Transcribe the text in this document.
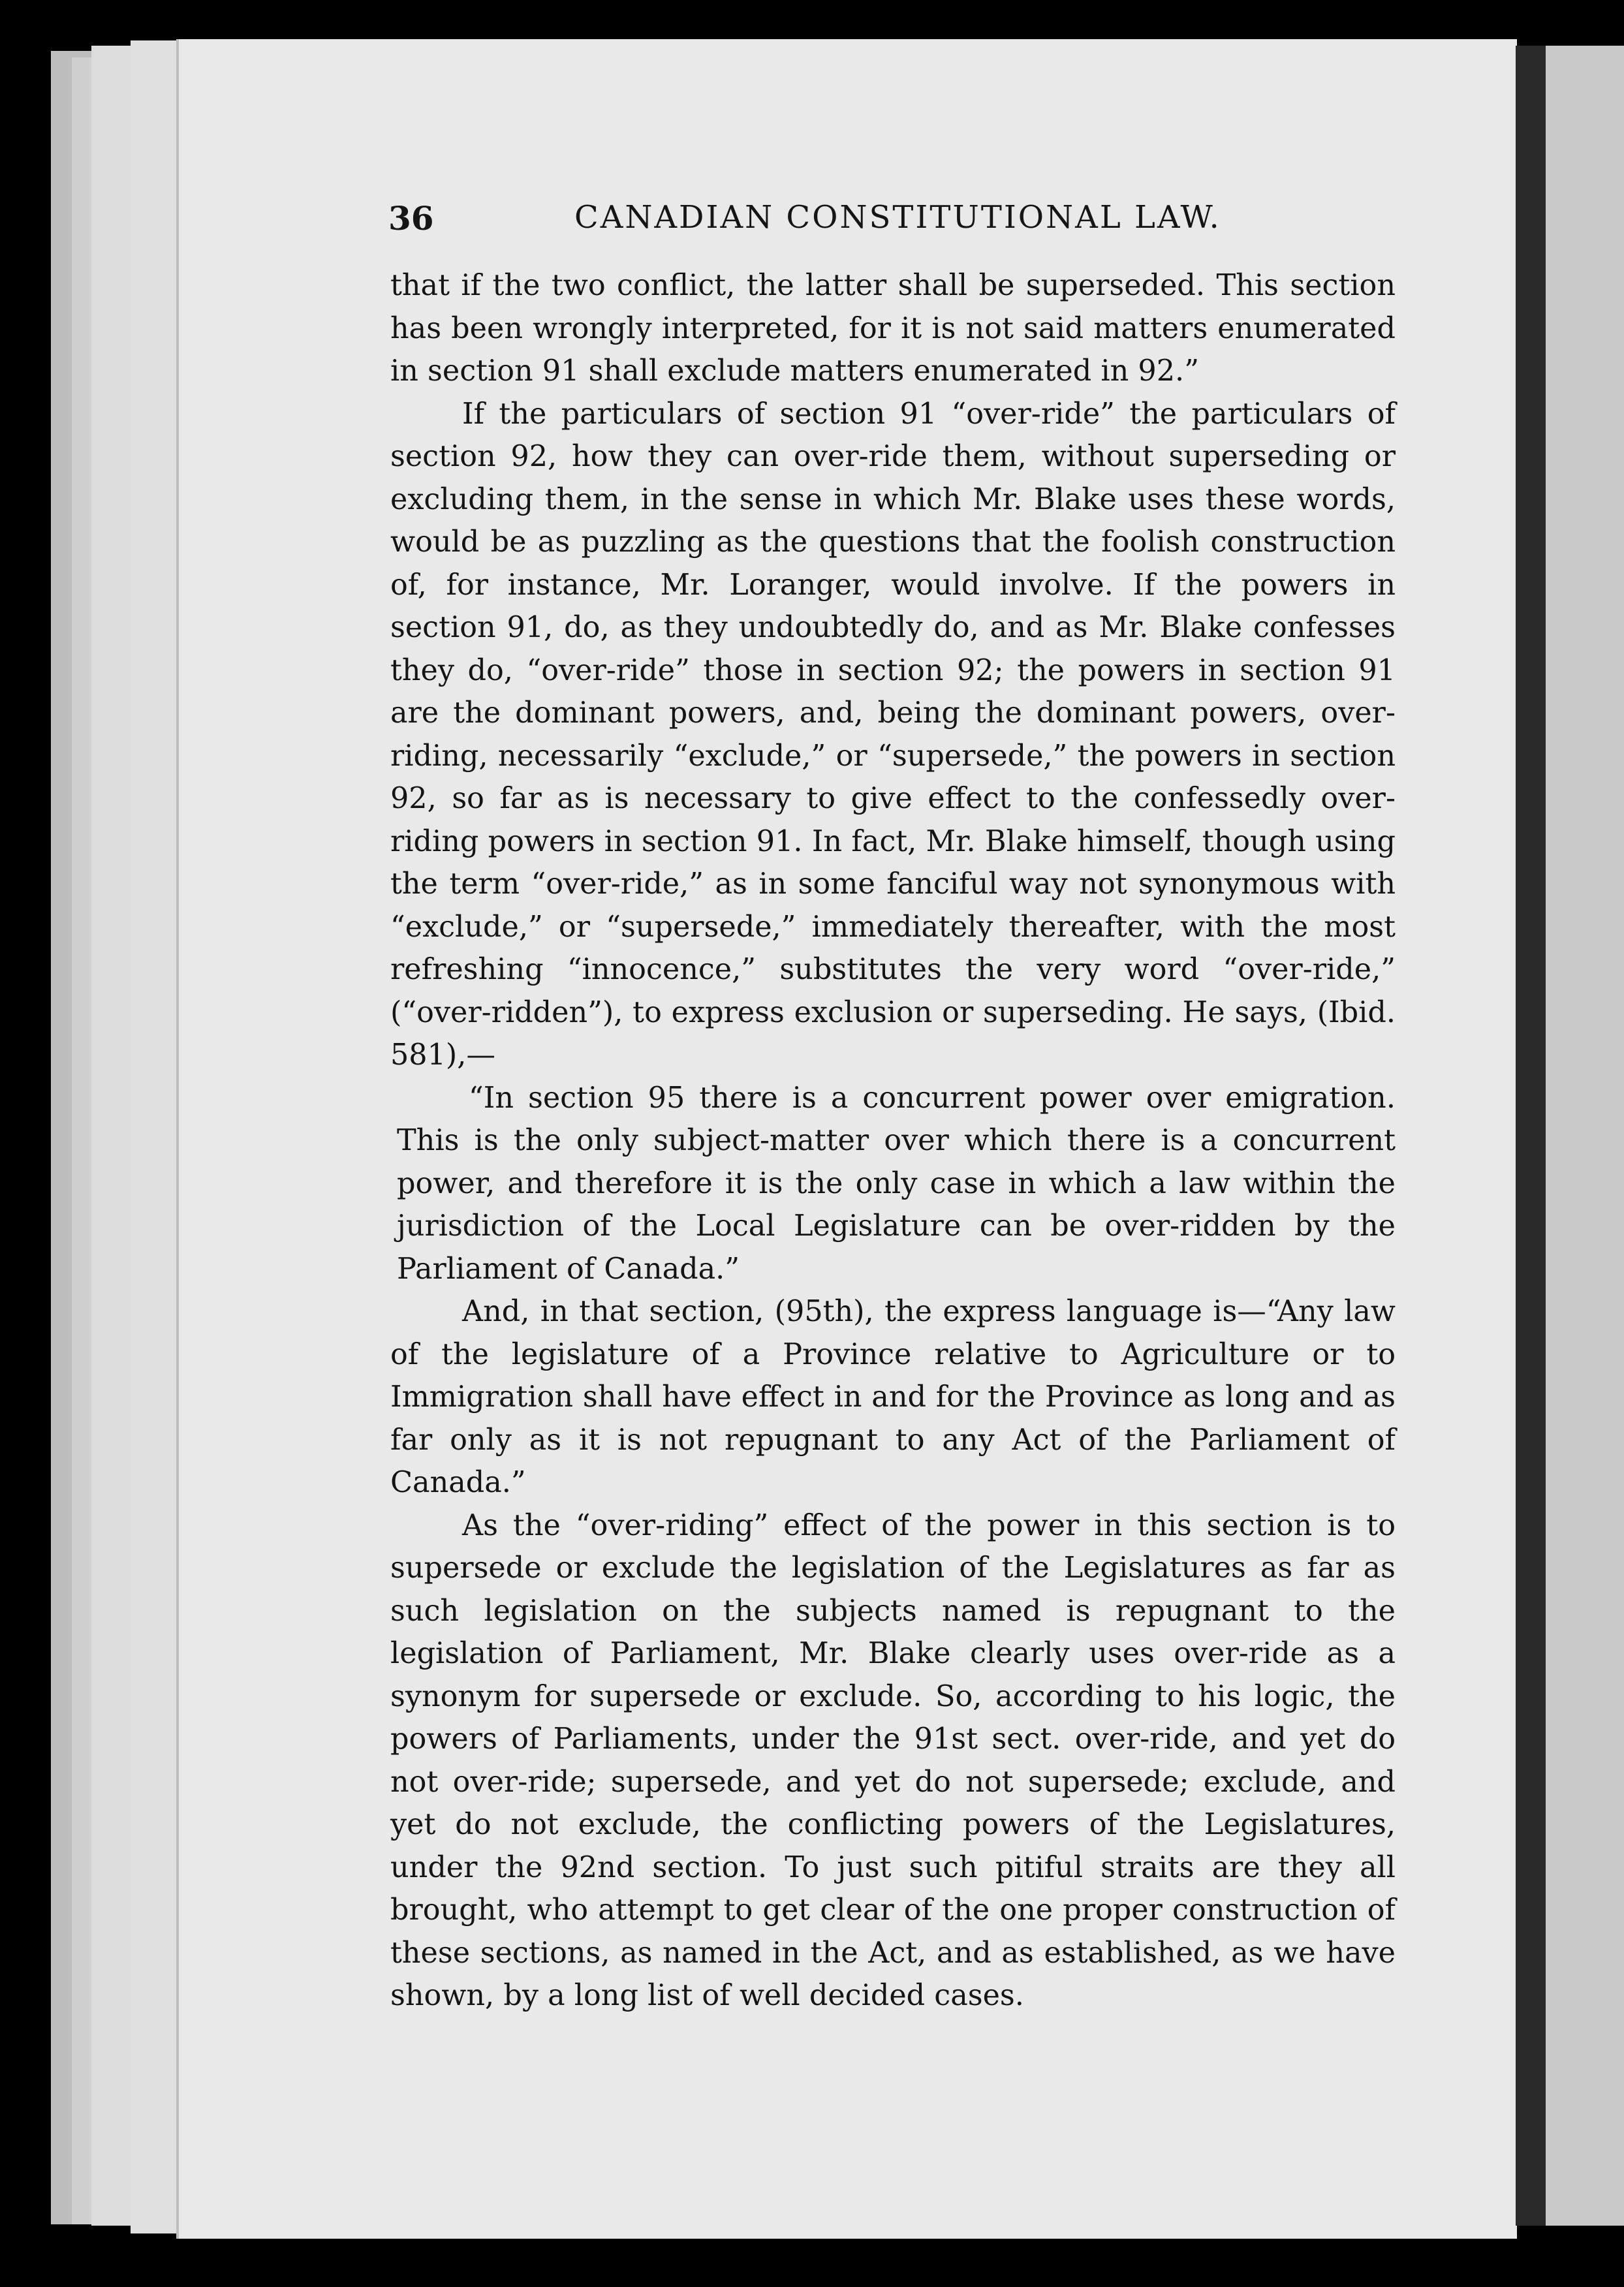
36	CANADIAN CONSTITUTIONAL LAW.

that if the two conflict, the latter shall be superseded. This section has been wrongly interpreted, for it is not said matters enumerated in section 91 shall exclude matters enumerated in 92.”

If the particulars of section 91 “over-ride” the particulars of section 92, how they can over-ride them, without superseding or excluding them, in the sense in which Mr. Blake uses these words, would be as puzzling as the questions that the foolish construction of, for instance, Mr. Loranger, would involve. If the powers in section 91, do, as they undoubtedly do, and as Mr. Blake confesses they do, “over-ride” those in section 92; the powers in section 91 are the dominant powers, and, being the dominant powers, over-riding, necessarily “exclude,” or “supersede,” the powers in section 92, so far as is necessary to give effect to the confessedly over-riding powers in section 91. In fact, Mr. Blake himself, though using the term “over-ride,” as in some fanciful way not synonymous with “exclude,” or “supersede,” immediately thereafter, with the most refreshing “innocence,” substitutes the very word “over-ride,” (“over-ridden”), to express exclusion or superseding. He says, (Ibid. 581),—

“In section 95 there is a concurrent power over emigration. This is the only subject-matter over which there is a concurrent power, and therefore it is the only case in which a law within the jurisdiction of the Local Legislature can be over-ridden by the Parliament of Canada.”

And, in that section, (95th), the express language is—“Any law of the legislature of a Province relative to Agriculture or to Immigration shall have effect in and for the Province as long and as far only as it is not repugnant to any Act of the Parliament of Canada.”

As the “over-riding” effect of the power in this section is to supersede or exclude the legislation of the Legislatures as far as such legislation on the subjects named is repugnant to the legislation of Parliament, Mr. Blake clearly uses over-ride as a synonym for supersede or exclude. So, according to his logic, the powers of Parliaments, under the 91st sect. over-ride, and yet do not over-ride; supersede, and yet do not supersede; exclude, and yet do not exclude, the conflicting powers of the Legislatures, under the 92nd section. To just such pitiful straits are they all brought, who attempt to get clear of the one proper construction of these sections, as named in the Act, and as established, as we have shown, by a long list of well decided cases.
